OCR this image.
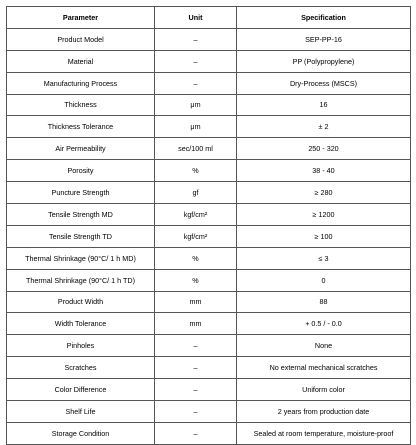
Parameter	Unit	Specification
Product Model	–	SEP-PP-16
Material	–	PP (Polypropylene)
Manufacturing Process	–	Dry-Process (MSCS)
Thickness	μm	16
Thickness Tolerance	μm	± 2
Air Permeability	sec/100 ml	250 - 320
Porosity	%	38 - 40
Puncture Strength	gf	≥ 280
Tensile Strength MD	kgf/cm²	≥ 1200
Tensile Strength TD	kgf/cm²	≥ 100
Thermal Shrinkage (90°C/ 1 h MD)	%	≤ 3
Thermal Shrinkage (90°C/ 1 h TD)	%	0
Product Width	mm	88
Width Tolerance	mm	+ 0.5 / - 0.0
Pinholes	–	None
Scratches	–	No external mechanical scratches
Color Difference	–	Uniform color
Shelf Life	–	2 years from production date
Storage Condition	–	Sealed at room temperature, moisture-proof
